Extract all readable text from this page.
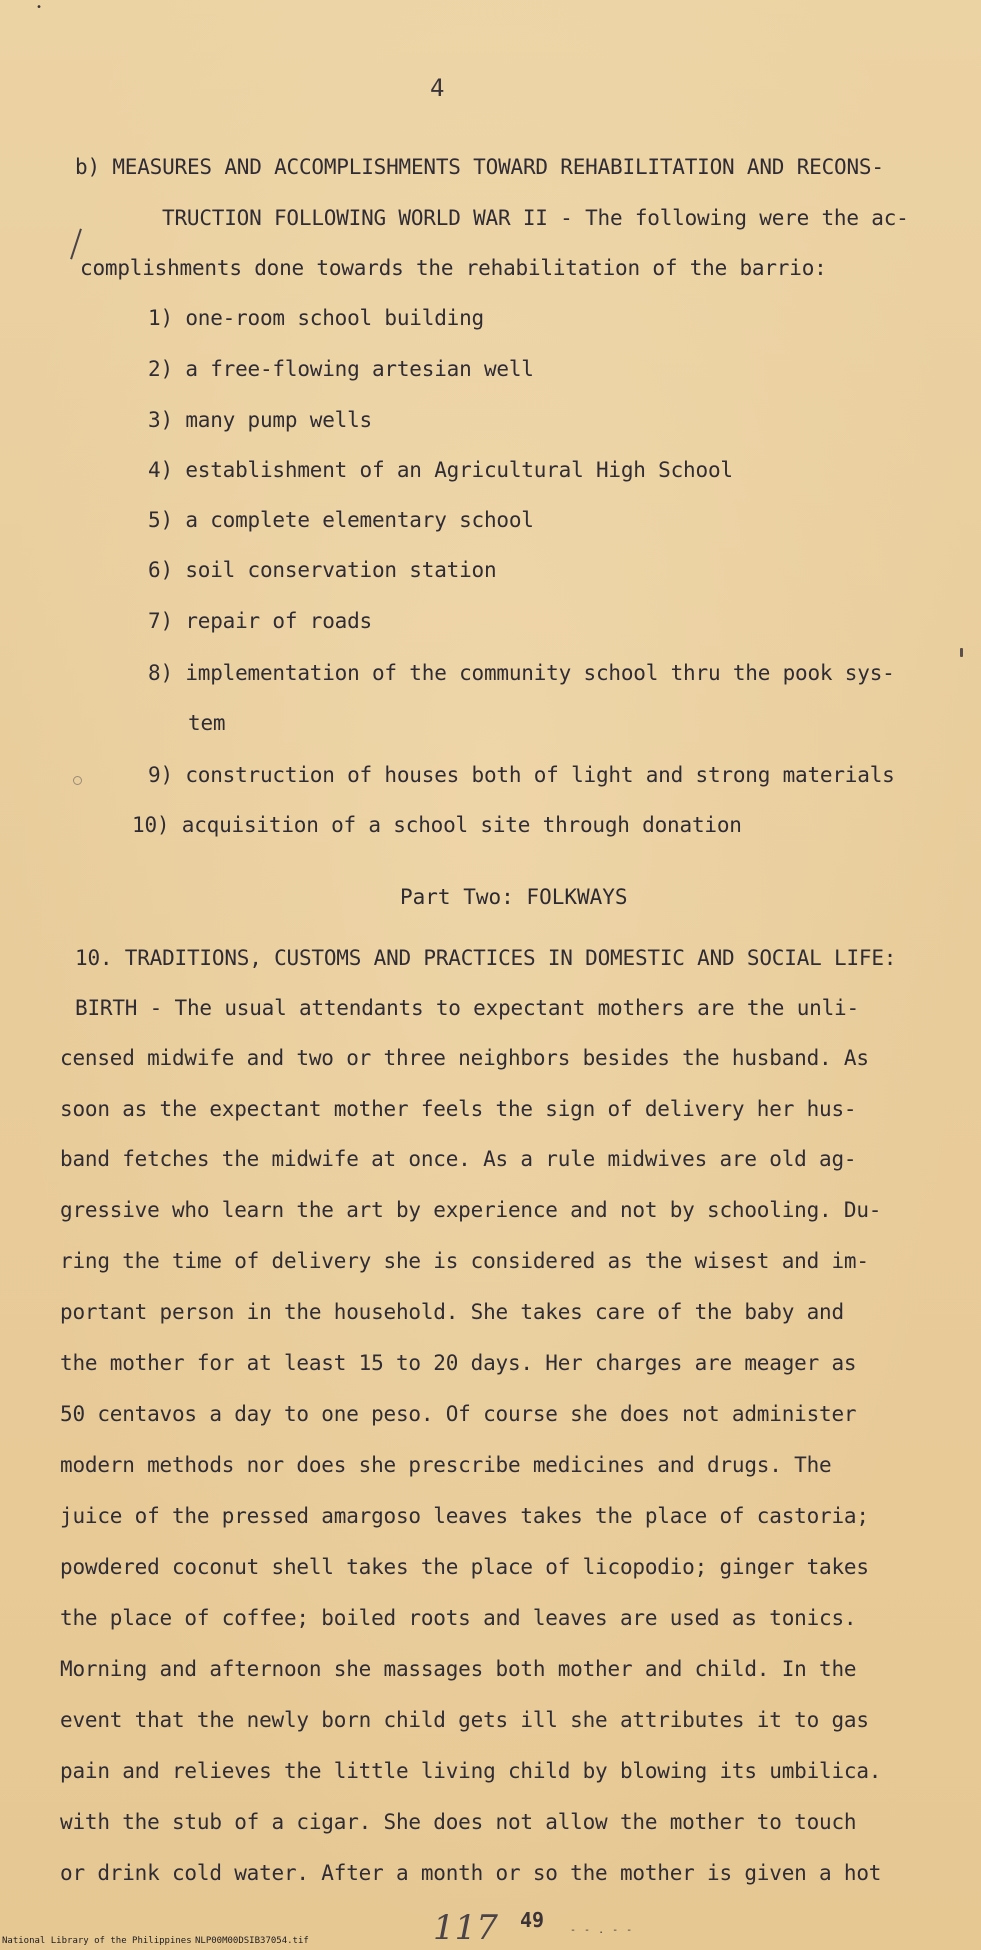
•
4
b) MEASURES AND ACCOMPLISHMENTS TOWARD REHABILITATION AND RECONS-
TRUCTION FOLLOWING WORLD WAR II - The following were the ac-
complishments done towards the rehabilitation of the barrio:
1) one-room school building
2) a free-flowing artesian well
3) many pump wells
4) establishment of an Agricultural High School
5) a complete elementary school
6) soil conservation station
7) repair of roads
8) implementation of the community school thru the pook sys-
tem
9) construction of houses both of light and strong materials
10) acquisition of a school site through donation
Part Two: FOLKWAYS
10. TRADITIONS, CUSTOMS AND PRACTICES IN DOMESTIC AND SOCIAL LIFE:
BIRTH - The usual attendants to expectant mothers are the unli-
censed midwife and two or three neighbors besides the husband. As
soon as the expectant mother feels the sign of delivery her hus-
band fetches the midwife at once. As a rule midwives are old ag-
gressive who learn the art by experience and not by schooling. Du-
ring the time of delivery she is considered as the wisest and im-
portant person in the household. She takes care of the baby and
the mother for at least 15 to 20 days. Her charges are meager as
50 centavos a day to one peso. Of course she does not administer
modern methods nor does she prescribe medicines and drugs. The
juice of the pressed amargoso leaves takes the place of castoria;
powdered coconut shell takes the place of licopodio; ginger takes
the place of coffee; boiled roots and leaves are used as tonics.
Morning and afternoon she massages both mother and child. In the
event that the newly born child gets ill she attributes it to gas
pain and relieves the little living child by blowing its umbilica.
with the stub of a cigar. She does not allow the mother to touch
or drink cold water. After a month or so the mother is given a hot
117 49	- - . - -
National Library of the Philippines NLP00M00DSIB37054.tif
